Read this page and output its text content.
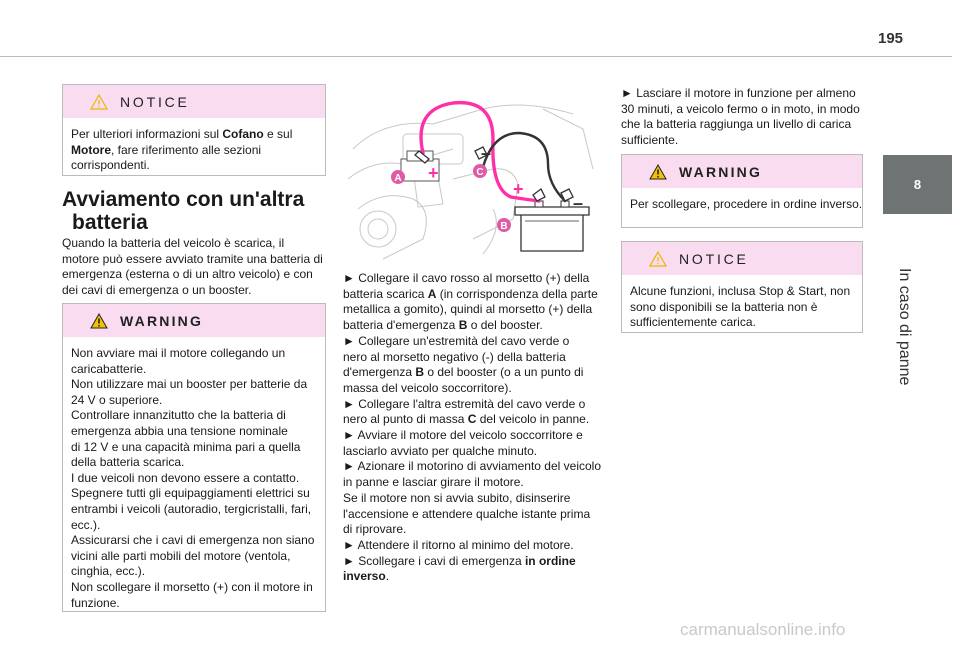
195
8
In caso di panne
NOTICE
Per ulteriori informazioni sul Cofano e sul
Motore, fare riferimento alle sezioni
corrispondenti.
Avviamento con un'altra
batteria
Quando la batteria del veicolo è scarica, il
motore può essere avviato tramite una batteria di
emergenza (esterna o di un altro veicolo) e con
dei cavi di emergenza o un booster.
WARNING
Non avviare mai il motore collegando un
caricabatterie.
Non utilizzare mai un booster per batterie da
24 V o superiore.
Controllare innanzitutto che la batteria di
emergenza abbia una tensione nominale
di 12 V e una capacità minima pari a quella
della batteria scarica.
I due veicoli non devono essere a contatto.
Spegnere tutti gli equipaggiamenti elettrici su
entrambi i veicoli (autoradio, tergicristalli, fari,
ecc.).
Assicurarsi che i cavi di emergenza non siano
vicini alle parti mobili del motore (ventola,
cinghia, ecc.).
Non scollegare il morsetto (+) con il motore in
funzione.
+
+
–
–
A
C
B
► Collegare il cavo rosso al morsetto (+) della
batteria scarica A (in corrispondenza della parte
metallica a gomito), quindi al morsetto (+) della
batteria d'emergenza B o del booster.
► Collegare un'estremità del cavo verde o
nero al morsetto negativo (-) della batteria
d'emergenza B o del booster (o a un punto di
massa del veicolo soccorritore).
► Collegare l'altra estremità del cavo verde o
nero al punto di massa C del veicolo in panne.
► Avviare il motore del veicolo soccorritore e
lasciarlo avviato per qualche minuto.
► Azionare il motorino di avviamento del veicolo
in panne e lasciar girare il motore.
Se il motore non si avvia subito, disinserire
l'accensione e attendere qualche istante prima
di riprovare.
► Attendere il ritorno al minimo del motore.
► Scollegare i cavi di emergenza in ordine
inverso.
► Lasciare il motore in funzione per almeno
30 minuti, a veicolo fermo o in moto, in modo
che la batteria raggiunga un livello di carica
sufficiente.
WARNING
Per scollegare, procedere in ordine inverso.
NOTICE
Alcune funzioni, inclusa Stop & Start, non
sono disponibili se la batteria non è
sufficientemente carica.
carmanualsonline.info
